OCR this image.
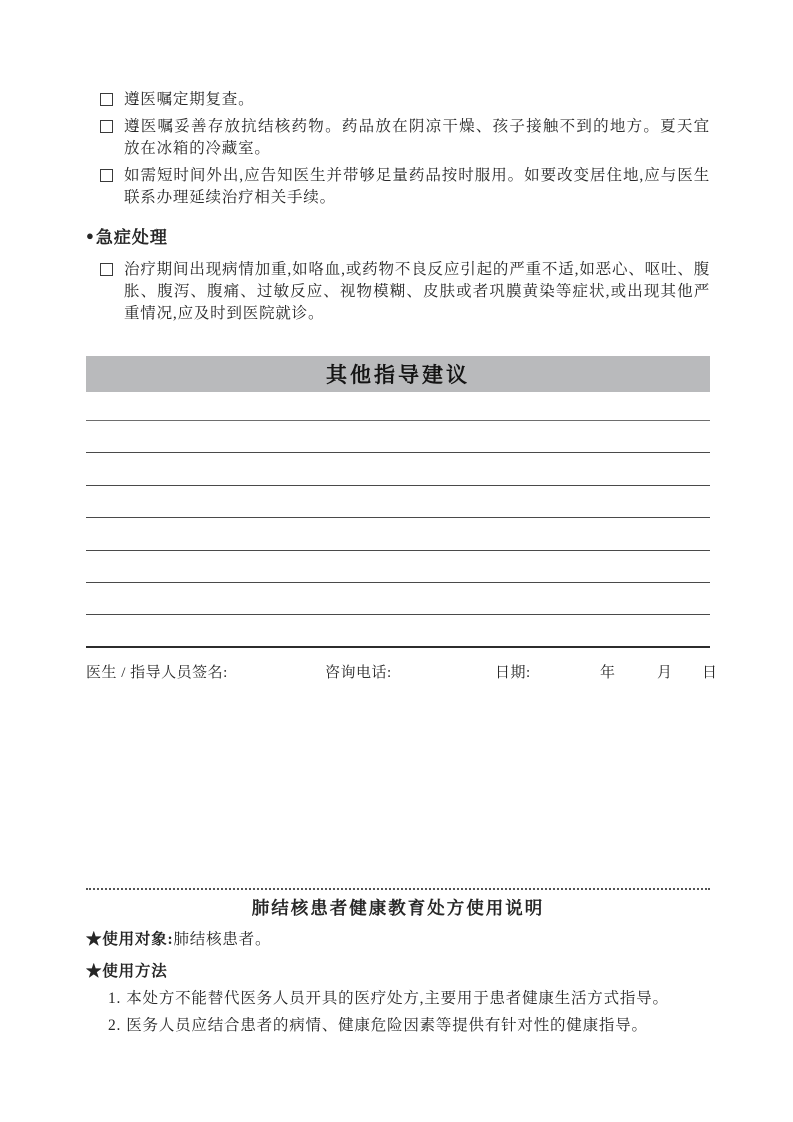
遵医嘱定期复查。
遵医嘱妥善存放抗结核药物。药品放在阴凉干燥、孩子接触不到的地方。夏天宜放在冰箱的冷藏室。
如需短时间外出,应告知医生并带够足量药品按时服用。如要改变居住地,应与医生联系办理延续治疗相关手续。
● 急症处理
治疗期间出现病情加重,如咯血,或药物不良反应引起的严重不适,如恶心、呕吐、腹胀、腹泻、腹痛、过敏反应、视物模糊、皮肤或者巩膜黄染等症状,或出现其他严重情况,应及时到医院就诊。
其他指导建议
医生 / 指导人员签名:	咨询电话:	日期:	年	月 日
肺结核患者健康教育处方使用说明

★使用对象:肺结核患者。

★使用方法

1. 本处方不能替代医务人员开具的医疗处方,主要用于患者健康生活方式指导。
2. 医务人员应结合患者的病情、健康危险因素等提供有针对性的健康指导。
